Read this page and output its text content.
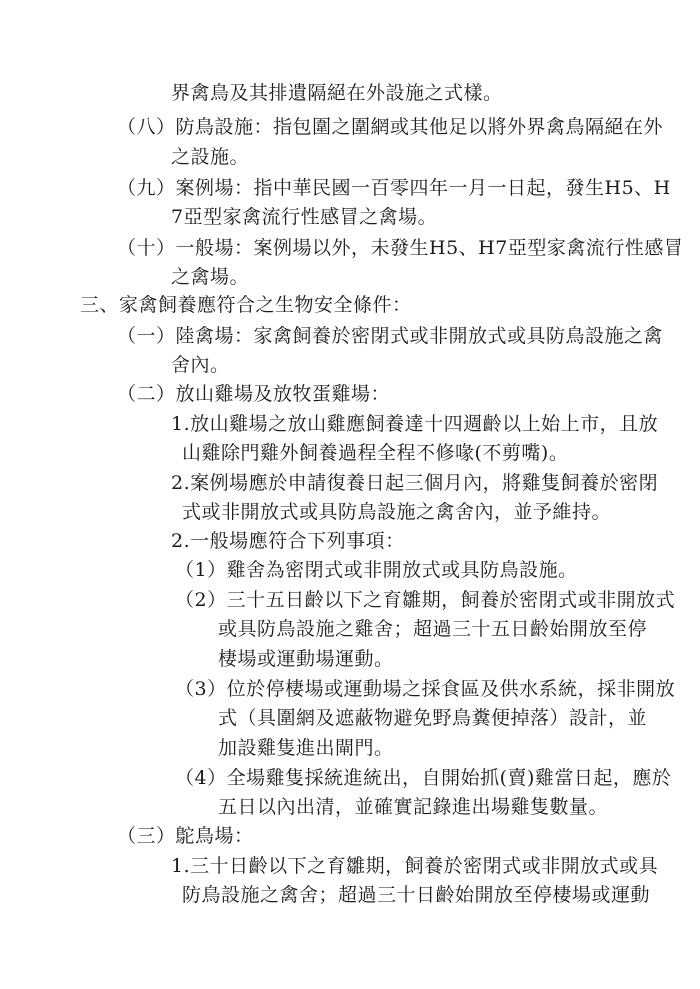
界禽鳥及其排遺隔絕在外設施之式樣。
（八）防鳥設施：指包圍之圍網或其他足以將外界禽鳥隔絕在外
之設施。
（九）案例場：指中華民國一百零四年一月一日起，發生H5、H
7亞型家禽流行性感冒之禽場。
（十）一般場：案例場以外，未發生H5、H7亞型家禽流行性感冒
之禽場。
三、家禽飼養應符合之生物安全條件：
（一）陸禽場：家禽飼養於密閉式或非開放式或具防鳥設施之禽
舍內。
（二）放山雞場及放牧蛋雞場：
1.放山雞場之放山雞應飼養達十四週齡以上始上市，且放
山雞除門雞外飼養過程全程不修喙(不剪嘴)。
2.案例場應於申請復養日起三個月內，將雞隻飼養於密閉
式或非開放式或具防鳥設施之禽舍內，並予維持。
2.一般場應符合下列事項：
（1）雞舍為密閉式或非開放式或具防鳥設施。
（2）三十五日齡以下之育雛期，飼養於密閉式或非開放式
或具防鳥設施之雞舍；超過三十五日齡始開放至停
棲場或運動場運動。
（3）位於停棲場或運動場之採食區及供水系統，採非開放
式（具圍網及遮蔽物避免野鳥糞便掉落）設計，並
加設雞隻進出閘門。
（4）全場雞隻採統進統出，自開始抓(賣)雞當日起，應於
五日以內出清，並確實記錄進出場雞隻數量。
（三）鴕鳥場：
1.三十日齡以下之育雛期，飼養於密閉式或非開放式或具
防鳥設施之禽舍；超過三十日齡始開放至停棲場或運動
